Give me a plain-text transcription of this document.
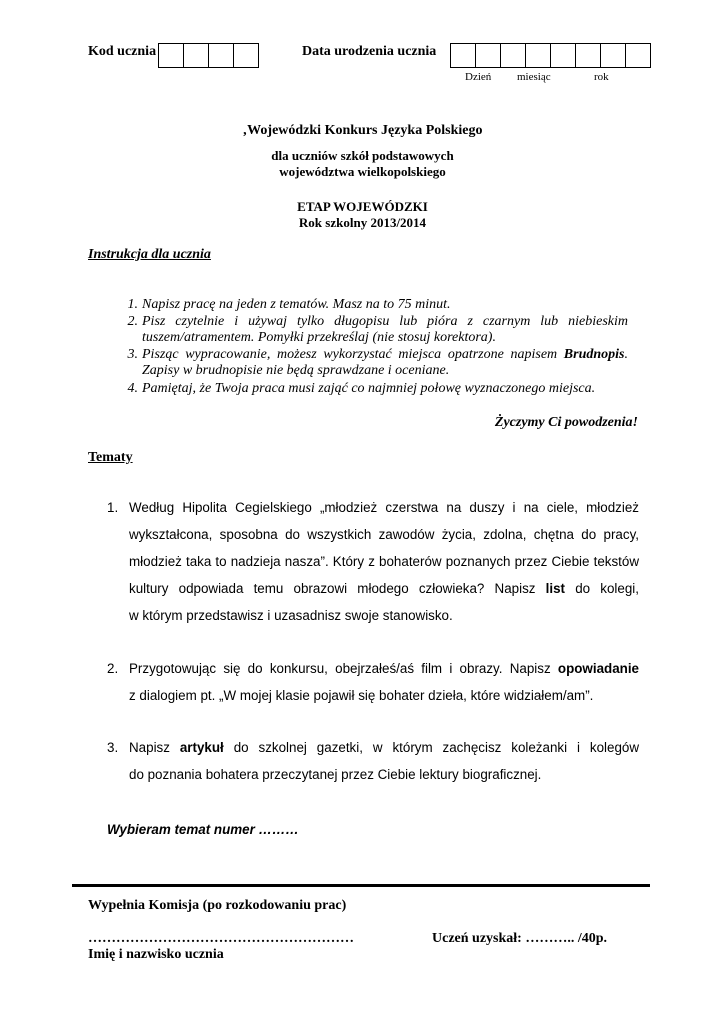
Kod ucznia	Data urodzenia ucznia
Dzień miesiąc	rok
‚Wojewódzki Konkurs Języka Polskiego
dla uczniów szkół podstawowych
województwa wielkopolskiego
ETAP WOJEWÓDZKI
Rok szkolny 2013/2014
Instrukcja dla ucznia
1. Napisz pracę na jeden z tematów. Masz na to 75 minut.
2. Pisz czytelnie i używaj tylko długopisu lub pióra z czarnym lub niebieskim tuszem/atramentem. Pomyłki przekreślaj (nie stosuj korektora).
3. Pisząc wypracowanie, możesz wykorzystać miejsca opatrzone napisem Brudnopis. Zapisy w brudnopisie nie będą sprawdzane i oceniane.
4. Pamiętaj, że Twoja praca musi zająć co najmniej połowę wyznaczonego miejsca.
Życzymy Ci powodzenia!
Tematy
1. Według Hipolita Cegielskiego „młodzież czerstwa na duszy i na ciele, młodzież
wykształcona, sposobna do wszystkich zawodów życia, zdolna, chętna do pracy,
młodzież taka to nadzieja nasza”. Który z bohaterów poznanych przez Ciebie tekstów
kultury odpowiada temu obrazowi młodego człowieka? Napisz list do kolegi,
w którym przedstawisz i uzasadnisz swoje stanowisko.
2. Przygotowując się do konkursu, obejrzałeś/aś film i obrazy. Napisz opowiadanie
z dialogiem pt. „W mojej klasie pojawił się bohater dzieła, które widziałem/am”.
3. Napisz artykuł do szkolnej gazetki, w którym zachęcisz koleżanki i kolegów
do poznania bohatera przeczytanej przez Ciebie lektury biograficznej.
Wybieram temat numer ………
Wypełnia Komisja (po rozkodowaniu prac)
…………………………………………………
Imię i nazwisko ucznia
Uczeń uzyskał: ……….. /40p.
